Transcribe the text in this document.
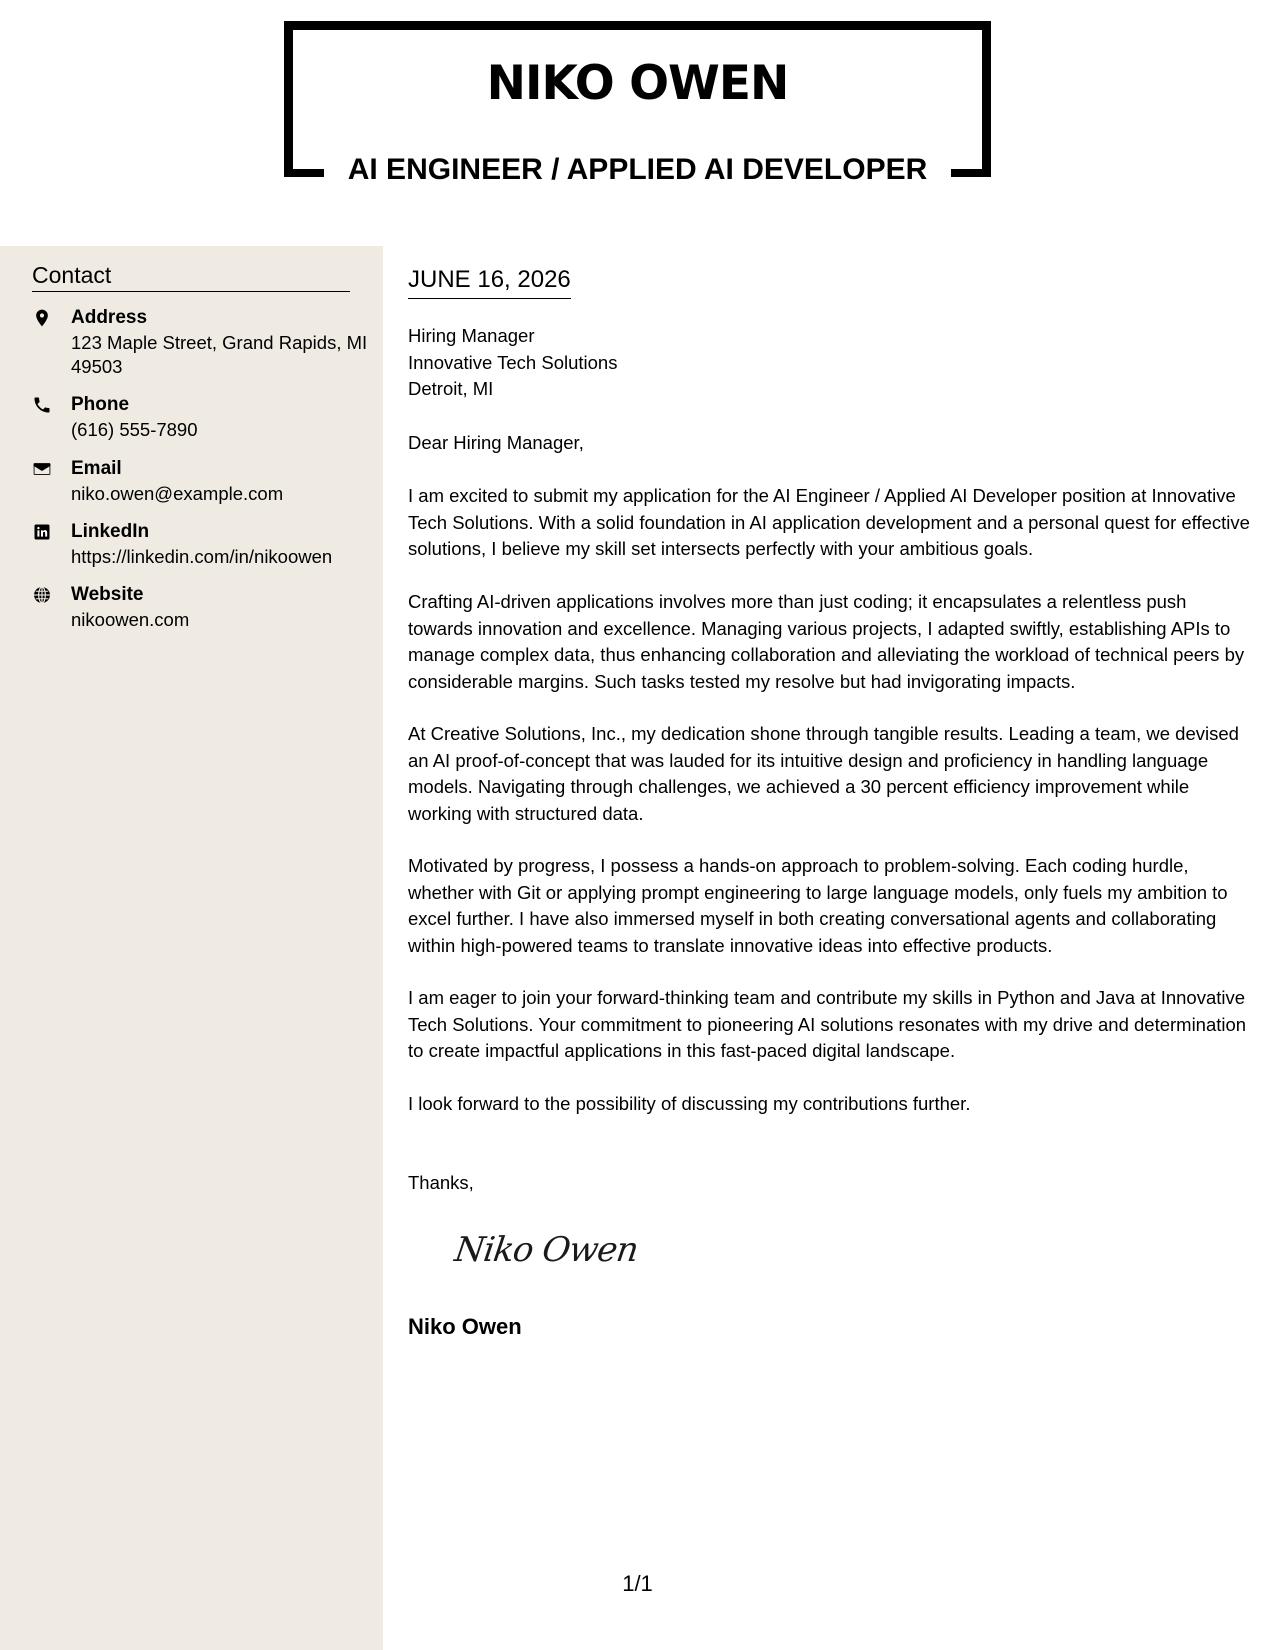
NIKO OWEN
AI ENGINEER / APPLIED AI DEVELOPER
Contact
Address
123 Maple Street, Grand Rapids, MI 49503
Phone
(616) 555-7890
Email
niko.owen@example.com
LinkedIn
https://linkedin.com/in/nikoowen
Website
nikoowen.com
JUNE 16, 2026
Hiring Manager
Innovative Tech Solutions
Detroit, MI
Dear Hiring Manager,
I am excited to submit my application for the AI Engineer / Applied AI Developer position at Innovative Tech Solutions. With a solid foundation in AI application development and a personal quest for effective solutions, I believe my skill set intersects perfectly with your ambitious goals.
Crafting AI-driven applications involves more than just coding; it encapsulates a relentless push towards innovation and excellence. Managing various projects, I adapted swiftly, establishing APIs to manage complex data, thus enhancing collaboration and alleviating the workload of technical peers by considerable margins. Such tasks tested my resolve but had invigorating impacts.
At Creative Solutions, Inc., my dedication shone through tangible results. Leading a team, we devised an AI proof-of-concept that was lauded for its intuitive design and proficiency in handling language models. Navigating through challenges, we achieved a 30 percent efficiency improvement while working with structured data.
Motivated by progress, I possess a hands-on approach to problem-solving. Each coding hurdle, whether with Git or applying prompt engineering to large language models, only fuels my ambition to excel further. I have also immersed myself in both creating conversational agents and collaborating within high-powered teams to translate innovative ideas into effective products.
I am eager to join your forward-thinking team and contribute my skills in Python and Java at Innovative Tech Solutions. Your commitment to pioneering AI solutions resonates with my drive and determination to create impactful applications in this fast-paced digital landscape.
I look forward to the possibility of discussing my contributions further.
Thanks,
Niko Owen
Niko Owen
1/1
